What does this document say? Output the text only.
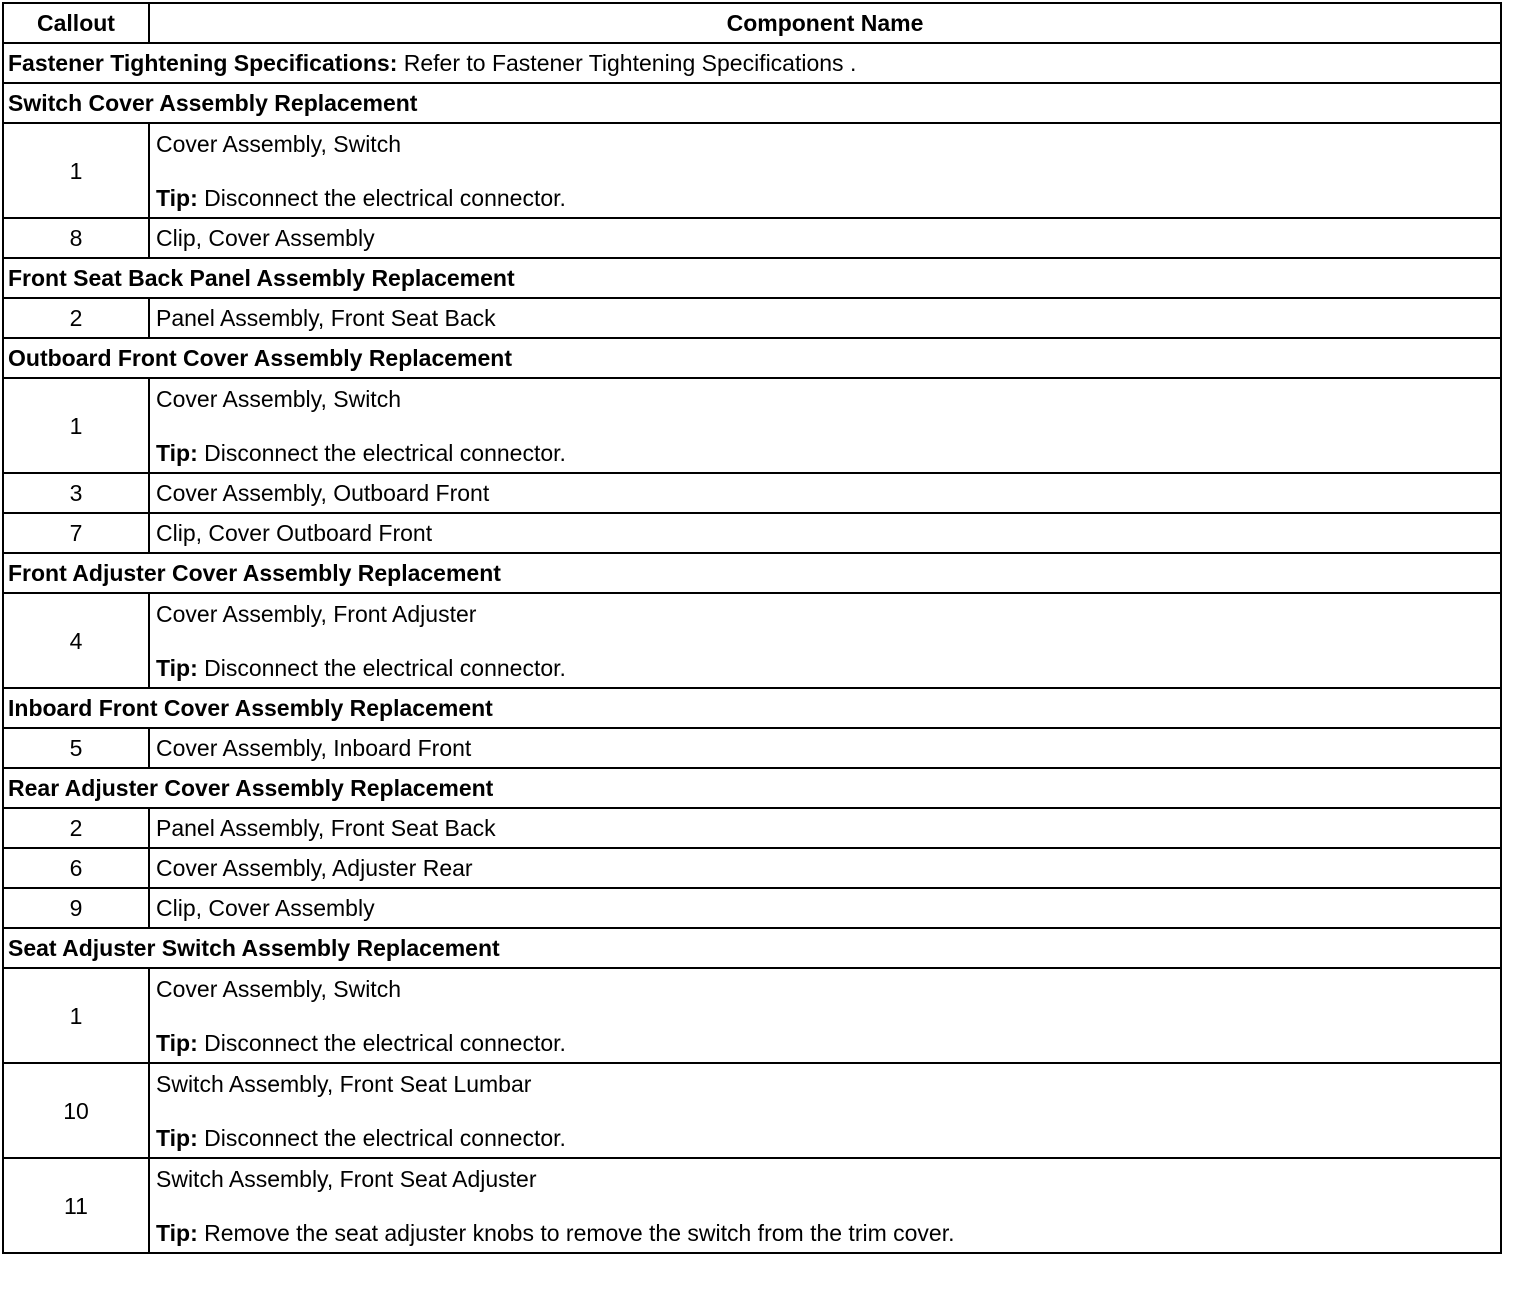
Callout	Component Name
Fastener Tightening Specifications: Refer to Fastener Tightening Specifications .	
Switch Cover Assembly Replacement	
1	Cover Assembly, Switch
Tip: Disconnect the electrical connector.

8	Clip, Cover Assembly

Front Seat Back Panel Assembly Replacement	
2	Panel Assembly, Front Seat Back

Outboard Front Cover Assembly Replacement	
1	Cover Assembly, Switch
Tip: Disconnect the electrical connector.

3	Cover Assembly, Outboard Front

7	Clip, Cover Outboard Front

Front Adjuster Cover Assembly Replacement	
4	Cover Assembly, Front Adjuster
Tip: Disconnect the electrical connector.

Inboard Front Cover Assembly Replacement	
5	Cover Assembly, Inboard Front

Rear Adjuster Cover Assembly Replacement	
2	Panel Assembly, Front Seat Back

6	Cover Assembly, Adjuster Rear

9	Clip, Cover Assembly

Seat Adjuster Switch Assembly Replacement	
1	Cover Assembly, Switch
Tip: Disconnect the electrical connector.

10	Switch Assembly, Front Seat Lumbar
Tip: Disconnect the electrical connector.

11	Switch Assembly, Front Seat Adjuster
Tip: Remove the seat adjuster knobs to remove the switch from the trim cover.
